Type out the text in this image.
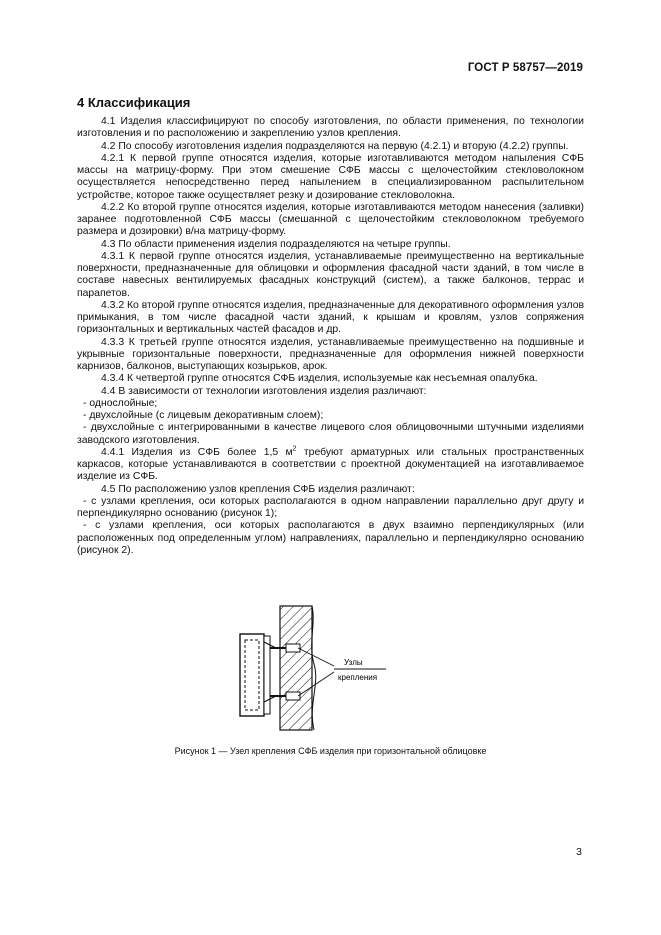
ГОСТ Р 58757—2019
4 Классификация

4.1 Изделия классифицируют по способу изготовления, по области применения, по технологии изготовления и по расположению и закреплению узлов крепления.

4.2 По способу изготовления изделия подразделяются на первую (4.2.1) и вторую (4.2.2) группы.

4.2.1 К первой группе относятся изделия, которые изготавливаются методом напыления СФБ массы на матрицу-форму. При этом смешение СФБ массы с щелочестойким стекловолокном осуществляется непосредственно перед напылением в специализированном распылительном устройстве, которое также осуществляет резку и дозирование стекловолокна.

4.2.2 Ко второй группе относятся изделия, которые изготавливаются методом нанесения (заливки) заранее подготовленной СФБ массы (смешанной с щелочестойким стекловолокном требуемого размера и дозировки) в/на матрицу-форму.

4.3 По области применения изделия подразделяются на четыре группы.

4.3.1 К первой группе относятся изделия, устанавливаемые преимущественно на вертикальные поверхности, предназначенные для облицовки и оформления фасадной части зданий, в том числе в составе навесных вентилируемых фасадных конструкций (систем), а также балконов, террас и парапетов.

4.3.2 Ко второй группе относятся изделия, предназначенные для декоративного оформления узлов примыкания, в том числе фасадной части зданий, к крышам и кровлям, узлов сопряжения горизонтальных и вертикальных частей фасадов и др.

4.3.3 К третьей группе относятся изделия, устанавливаемые преимущественно на подшивные и укрывные горизонтальные поверхности, предназначенные для оформления нижней поверхности карнизов, балконов, выступающих козырьков, арок.

4.3.4 К четвертой группе относятся СФБ изделия, используемые как несъемная опалубка.

4.4 В зависимости от технологии изготовления изделия различают:

- однослойные;

- двухслойные (с лицевым декоративным слоем);

- двухслойные с интегрированными в качестве лицевого слоя облицовочными штучными изделиями заводского изготовления.

4.4.1 Изделия из СФБ более 1,5 $м^2$ требуют арматурных или стальных пространственных каркасов, которые устанавливаются в соответствии с проектной документацией на изготавливаемое изделие из СФБ.

4.5 По расположению узлов крепления СФБ изделия различают:

- с узлами крепления, оси которых располагаются в одном направлении параллельно друг другу и перпендикулярно основанию (рисунок 1);

- с узлами крепления, оси которых располагаются в двух взаимно перпендикулярных (или расположенных под определенным углом) направлениях, параллельно и перпендикулярно основанию (рисунок 2).

Узлы
крепления
Рисунок 1 — Узел крепления СФБ изделия при горизонтальной облицовке
3
